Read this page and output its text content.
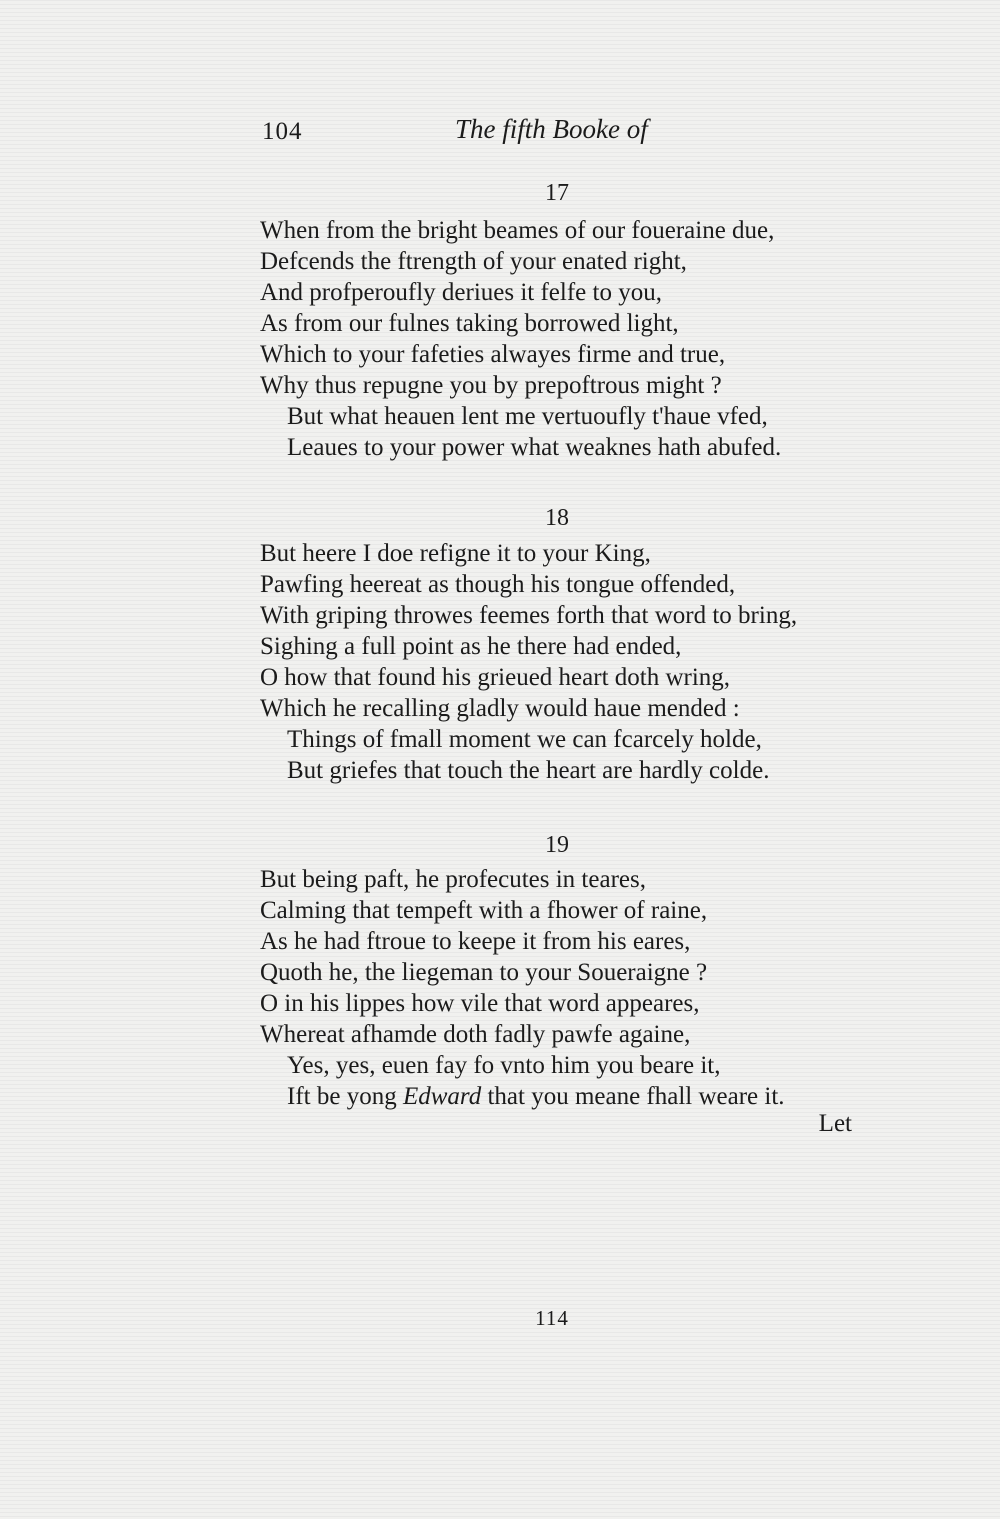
104	The fifth Booke of
17
When from the bright beames of our foueraine due,
Defcends the ftrength of your enated right,
And profperoufly deriues it felfe to you,
As from our fulnes taking borrowed light,
Which to your fafeties alwayes firme and true,
Why thus repugne you by prepoftrous might ?
But what heauen lent me vertuoufly t'haue vfed,
Leaues to your power what weaknes hath abufed.
18
But heere I doe refigne it to your King,
Pawfing heereat as though his tongue offended,
With griping throwes feemes forth that word to bring,
Sighing a full point as he there had ended,
O how that found his grieued heart doth wring,
Which he recalling gladly would haue mended :
Things of fmall moment we can fcarcely holde,
But griefes that touch the heart are hardly colde.
19
But being paft, he profecutes in teares,
Calming that tempeft with a fhower of raine,
As he had ftroue to keepe it from his eares,
Quoth he, the liegeman to your Soueraigne ?
O in his lippes how vile that word appeares,
Whereat afhamde doth fadly pawfe againe,
Yes, yes, euen fay fo vnto him you beare it,
Ift be yong Edward that you meane fhall weare it.
Let
114
